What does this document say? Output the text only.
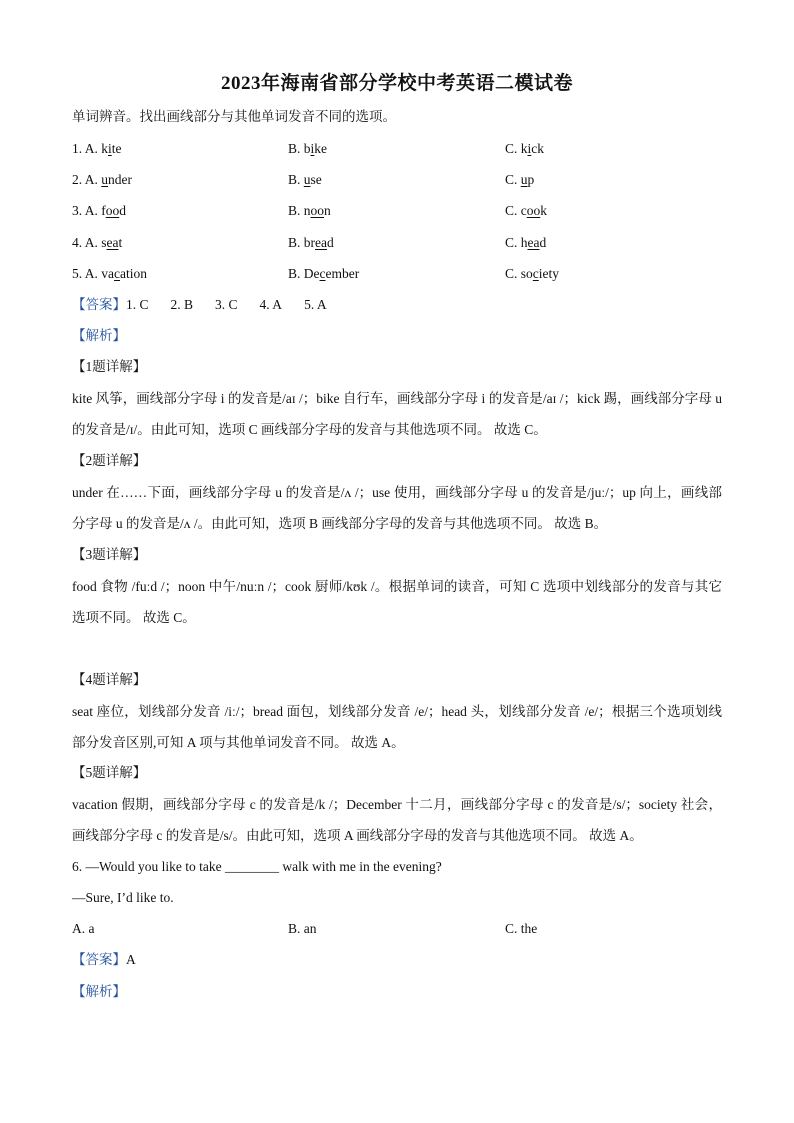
2023年海南省部分学校中考英语二模试卷
单词辨音。找出画线部分与其他单词发音不同的选项。
1. A. kite	B. bike	C. kick
2. A. under	B. use	C. up
3. A. food	B. noon	C. cook
4. A. seat	B. bread	C. head
5. A. vacation	B. December	C. society
【答案】1. C 2. B 3. C 4. A 5. A
【解析】
【1题详解】
kite 风筝，画线部分字母 i 的发音是/aɪ /；bike 自行车，画线部分字母 i 的发音是/aɪ /；kick 踢，画线部分字母 u 的发音是/ɪ/。由此可知，选项 C 画线部分字母的发音与其他选项不同。 故选 C。
【2题详解】
under 在……下面，画线部分字母 u 的发音是/ʌ /；use 使用，画线部分字母 u 的发音是/juː/；up 向上，画线部分字母 u 的发音是/ʌ /。由此可知，选项 B 画线部分字母的发音与其他选项不同。 故选 B。
【3题详解】
food 食物 /fuːd /；noon 中午/nuːn /；cook 厨师/kʊk /。根据单词的读音，可知 C 选项中划线部分的发音与其它选项不同。 故选 C。
【4题详解】
seat 座位，划线部分发音 /iː/；bread 面包，划线部分发音 /e/；head 头，划线部分发音 /e/；根据三个选项划线部分发音区别,可知 A 项与其他单词发音不同。 故选 A。
【5题详解】
vacation 假期，画线部分字母 c 的发音是/k /；December 十二月，画线部分字母 c 的发音是/s/；society 社会，画线部分字母 c 的发音是/s/。由此可知，选项 A 画线部分字母的发音与其他选项不同。 故选 A。
6. —Would you like to take ________ walk with me in the evening?
—Sure, I’d like to.
A. a	B. an	C. the
【答案】A
【解析】
